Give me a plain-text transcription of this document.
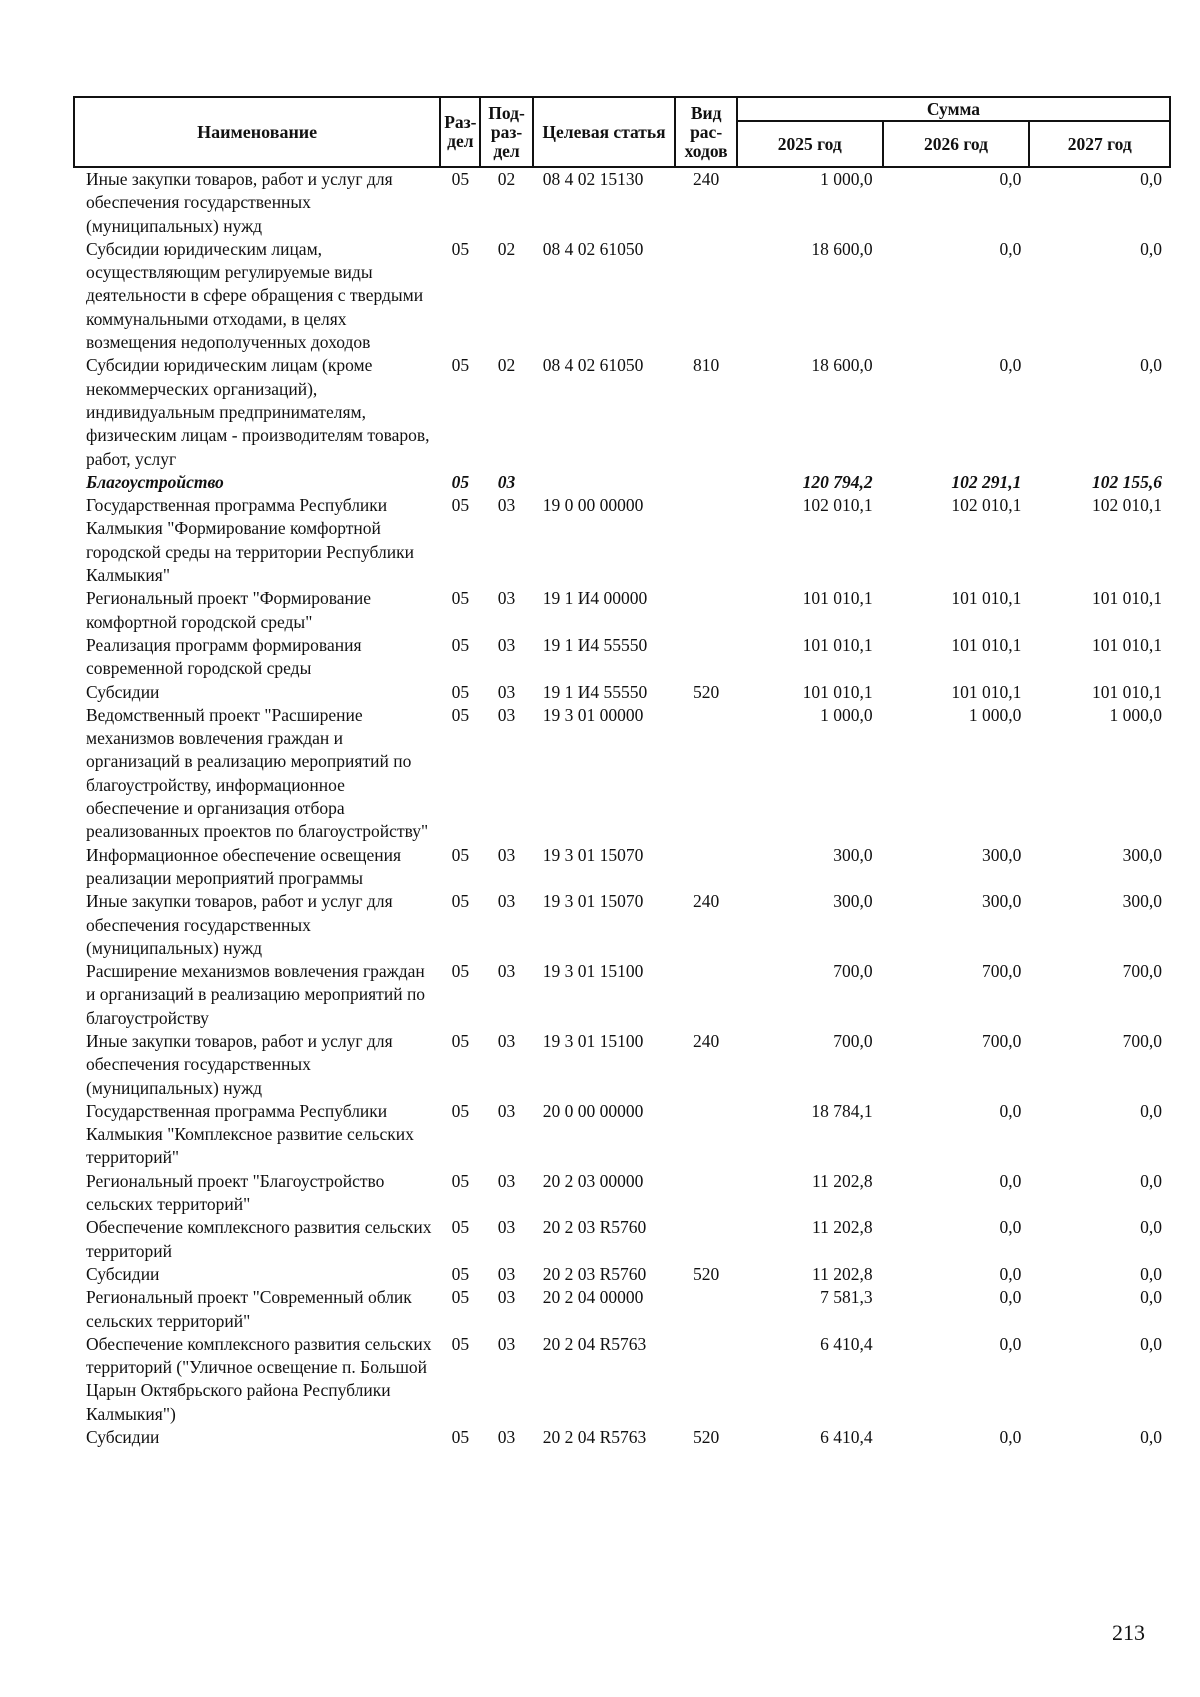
Наименование	Раз-дел	Под-раз-дел	Целевая статья	Вид рас-ходов	Сумма		
					2025 год	2026 год	2027 год
Иные закупки товаров, работ и услуг для обеспечения государственных (муниципальных) нужд	05	02	08 4 02 15130	240	1 000,0	0,0	0,0
Субсидии юридическим лицам, осуществляющим регулируемые виды деятельности в сфере обращения с твердыми коммунальными отходами, в целях возмещения недополученных доходов	05	02	08 4 02 61050		18 600,0	0,0	0,0
Субсидии юридическим лицам (кроме некоммерческих организаций), индивидуальным предпринимателям, физическим лицам - производителям товаров, работ, услуг	05	02	08 4 02 61050	810	18 600,0	0,0	0,0
Благоустройство	05	03			120 794,2	102 291,1	102 155,6
Государственная программа Республики Калмыкия "Формирование комфортной городской среды на территории Республики Калмыкия"	05	03	19 0 00 00000		102 010,1	102 010,1	102 010,1
Региональный проект "Формирование комфортной городской среды"	05	03	19 1 И4 00000		101 010,1	101 010,1	101 010,1
Реализация программ формирования современной городской среды	05	03	19 1 И4 55550		101 010,1	101 010,1	101 010,1
Субсидии	05	03	19 1 И4 55550	520	101 010,1	101 010,1	101 010,1
Ведомственный проект "Расширение механизмов вовлечения граждан и организаций в реализацию мероприятий по благоустройству, информационное обеспечение и организация отбора реализованных проектов по благоустройству"	05	03	19 3 01 00000		1 000,0	1 000,0	1 000,0
Информационное обеспечение освещения реализации мероприятий программы	05	03	19 3 01 15070		300,0	300,0	300,0
Иные закупки товаров, работ и услуг для обеспечения государственных (муниципальных) нужд	05	03	19 3 01 15070	240	300,0	300,0	300,0
Расширение механизмов вовлечения граждан и организаций в реализацию мероприятий по благоустройству	05	03	19 3 01 15100		700,0	700,0	700,0
Иные закупки товаров, работ и услуг для обеспечения государственных (муниципальных) нужд	05	03	19 3 01 15100	240	700,0	700,0	700,0
Государственная программа Республики Калмыкия "Комплексное развитие сельских территорий"	05	03	20 0 00 00000		18 784,1	0,0	0,0
Региональный проект "Благоустройство сельских территорий"	05	03	20 2 03 00000		11 202,8	0,0	0,0
Обеспечение комплексного развития сельских территорий	05	03	20 2 03 R5760		11 202,8	0,0	0,0
Субсидии	05	03	20 2 03 R5760	520	11 202,8	0,0	0,0
Региональный проект "Современный облик сельских территорий"	05	03	20 2 04 00000		7 581,3	0,0	0,0
Обеспечение комплексного развития сельских территорий ("Уличное освещение п. Большой Царын Октябрьского района Республики Калмыкия")	05	03	20 2 04 R5763		6 410,4	0,0	0,0
Субсидии	05	03	20 2 04 R5763	520	6 410,4	0,0	0,0
213
